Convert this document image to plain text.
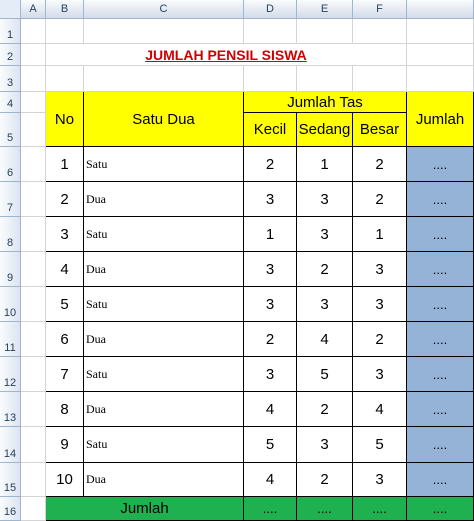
A	B	C	D	E	F
1
2
3
4
5
6
7
8
9
10
11
12
13
14
15
16
JUMLAH PENSIL SISWA
No	Satu Dua
Jumlah Tas
Kecil Sedang Besar
Jumlah
1	Satu	2	1	2	....
2	Dua	3	3	2	....
3	Satu	1	3	1	....
4	Dua	3	2	3	....
5	Satu	3	3	3	....
6	Dua	2	4	2	....
7	Satu	3	5	3	....
8	Dua	4	2	4	....
9	Satu	5	3	5	....
10	Dua	4	2	3	....
Jumlah	....	....	....	....
